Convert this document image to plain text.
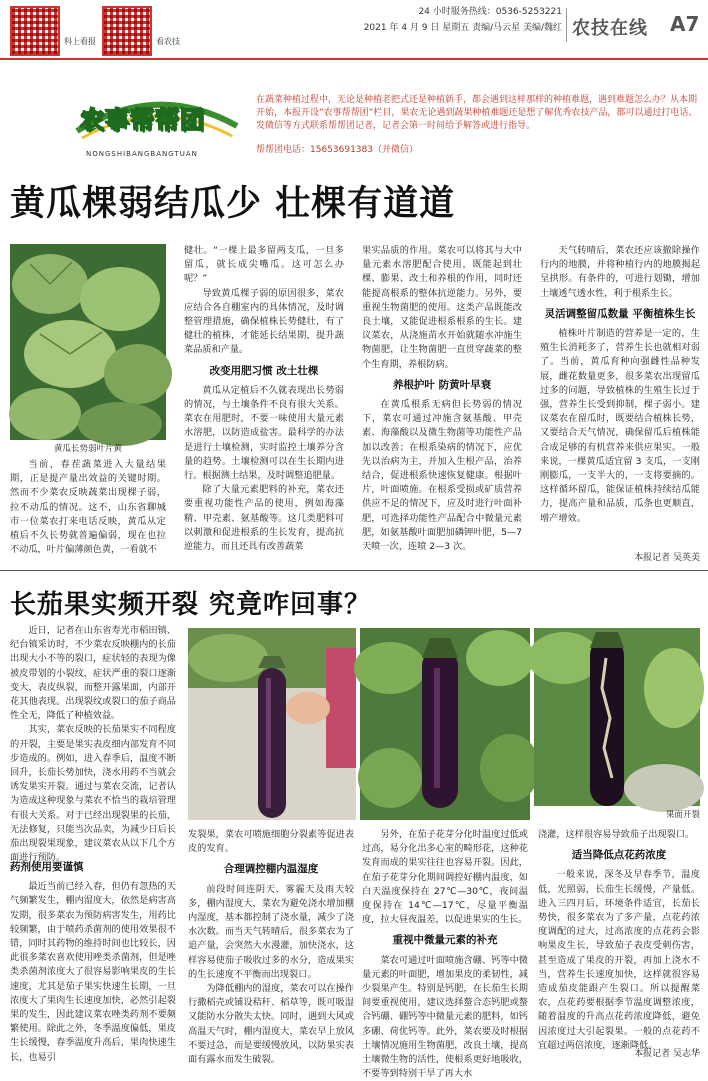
科上看报	看农技
24 小时服务热线：0536-5253221
2021 年 4 月 9 日 星期五 责编/马云星 美编/魏红 农技在线 A7
农事帮帮团
NONGSHIBANGBANGTUAN
在蔬菜种植过程中，无论是种植老把式还是种植新手，都会遇到这样那样的种植难题，遇到难题怎么办？从本期开始，本报开设“农事帮帮团”栏目，果农无论遇到蔬果种植难题还是想了解优秀农技产品，都可以通过打电话、发微信等方式联系帮帮团记者，记者会第一时间给予解答或进行指导。
帮帮团电话：15653691383（并微信）
黄瓜棵弱结瓜少 壮棵有道道
黄瓜长势弱叶片黄

当前，春茬蔬菜进入大量结果期，正是提产量出效益的关键时期。然而不少菜农反映蔬菜出现棵子弱，拉不动瓜的情况。这不，山东省聊城市一位菜农打来电话反映，黄瓜从定植后不久长势就普遍偏弱，现在也拉不动瓜，叶片偏薄颜色黄，一看就不

健壮。“一棵上最多留两支瓜，一旦多留瓜，就长成尖嘴瓜。这可怎么办呢？”

导致黄瓜棵子弱的原因很多，菜农应结合各自棚室内的具体情况，及时调整管理措施，确保植株长势健壮，有了健壮的植株，才能延长结果期，提升蔬菜品质和产量。

改变用肥习惯 改土壮棵

黄瓜从定植后不久就表现出长势弱的情况，与土壤条件不良有很大关系。菜农在用肥时，不要一味使用大量元素水溶肥，以防造成盐害。最科学的办法是进行土壤检测，实时监控土壤养分含量的趋势。土壤检测可以在生长期内进行。根据测土结果，及时调整追肥量。

除了大量元素肥料的补充，菜农还要重视功能性产品的使用，例如海藻精、甲壳素、氨基酸等。这几类肥料可以刺激和促进根系的生长发育，提高抗逆能力，而且还具有改善蔬菜

果实品质的作用。菜农可以将其与大中量元素水溶肥配合使用，既能起到壮棵、膨果、改土和养根的作用，同时还能提高根系的整体抗逆能力。另外，要重视生物菌肥的使用。这类产品既能改良土壤，又能促进根系根系的生长。建议菜农，从浇施苗水开始就随水冲施生物菌肥，让生物菌肥一直贯穿蔬菜的整个生育期，养根防病。

养根护叶 防黄叶早衰

在黄瓜根系无病但长势弱的情况下，菜农可通过冲施含氨基酸、甲壳素、海藻酸以及微生物菌等功能性产品加以改善；在根系染病的情况下，应优先以治病为主，并加入生根产品，治养结合，促进根系快速恢复健康。根据叶片，叶面喷施。在根系受损或矿质营养供应不足的情况下，应及时进行叶面补肥，可选择功能性产品配合中微量元素肥，如氨基酸叶面肥加磷钾叶肥，5—7 天喷一次，连喷 2—3 次。

天气转晴后，菜农还应该撤除操作行内的地膜，并将种植行内的地膜揭起呈拱形。有条件的，可进行划锄，增加土壤透气透水性，利于根系生长。

灵活调整留瓜数量 平衡植株生长

植株叶片制造的营养是一定的，生殖生长消耗多了，营养生长也就相对弱了。当前，黄瓜育种向强雌性品种发展，雌花数量更多，很多菜农出现留瓜过多的问题，导致植株的生殖生长过于强，营养生长受到抑制，棵子弱小。建议菜农在留瓜时，既要结合植株长势，又要结合天气情况，确保留瓜后植株能合成足够的有机营养来供应果实。一般来说，一棵黄瓜适宜留 3 支瓜，一支刚刚膨瓜，一支半大的，一支将要摘的。这样循环留瓜，能保证植株持续结瓜能力，提高产量和品质，瓜条也更顺直，增产增效。

本报记者 吴英美
长茄果实频开裂 究竟咋回事？

近日，记者在山东省寿光市稻田镇、纪台镇采访时，不少菜农反映棚内的长茄出现大小不等的裂口，症状轻的表现为像被皮带划的小裂纹，症状严重的裂口逐渐变大，表皮纵裂，而整开露果面，内部开花其他表现。出现裂纹或裂口的茄子商品性全无，降低了种植效益。

其实，菜农反映的长茄果实不同程度的开裂，主要是果实表皮细内部发育不同步造成的。例如，进入春季后，温度不断回升，长茄长势加快，浇水用药不当就会诱发果实开裂。通过与菜农交流，记者认为造成这种现象与菜农不恰当的栽培管理有很大关系。对于已经出现裂果的长茄，无法修复，只能当次品卖，为减少日后长茄出现裂果现象，建议菜农从以下几个方面进行预防。

果面开裂
药剂使用要谨慎

最近当前已经入春，但仍有忽热的天气频繁发生，棚内湿度大，依然是病害高发期，很多菜农为预防病害发生，用药比较频繁，由于喷药杀菌剂的使用效果很不错，同时其药物的维持时间也比较长，因此很多菜农喜欢使用唑类杀菌剂，但是唑类杀菌剂浓度大了很容易影响果皮的生长速度，尤其是茄子果实快速生长期，一旦浓度大了果肉生长速度加快，必然引起裂果的发生，因此建议菜农唑类药剂不要频繁使用。除此之外，冬季温度偏低，果皮生长缓慢，春季温度升高后，果肉快速生长，也易引

发裂果，菜农可喷施细胞分裂素等促进表皮的发育。

合理调控棚内温湿度

前段时间连阴天、雾霾天及雨天较多，棚内湿度大，菜农为避免浇水增加棚内湿度，基本都控制了浇水量，减少了浇水次数。而当天气转晴后，很多菜农为了追产量，会突然大水漫灌，加快浇水，这样容易使茄子吸收过多的水分，造成果实的生长速度不平衡而出现裂口。

为降低棚内的湿度，菜农可以在操作行撒稻壳或铺设秸秆、稻草等，既可吸湿又能防水分散失太快。同时，遇到大风或高温天气时，棚内湿度大，菜农早上放风不要过急，而是要缓慢放风，以防果实表面有露水而发生破裂。

另外，在茄子花芽分化时温度过低或过高，易分化出多心室的畸形花，这种花发育而成的果实往往也容易开裂。因此，在茄子花芽分化期间调控好棚内温度，如白天温度保持在 27℃—30℃，夜间温度保持在 14℃—17℃，尽量平衡温度，拉大昼夜温差，以促进果实的生长。

重视中微量元素的补充

菜农可通过叶面喷施含硼、钙等中微量元素的叶面肥，增加果皮的柔韧性，减少裂果产生。特别是钙肥，在长茄生长期间要重视使用，建议选择螯合态钙肥或螯合钙硼、硼钙等中微量元素的肥料，如钙多硼、荷优钙等。此外，菜农要及时根据土壤情况施用生物菌肥，改良土壤，提高土壤微生物的活性，使根系更好地吸收，不要等到特别干旱了再大水

浇灌，这样很容易导致茄子出现裂口。

适当降低点花药浓度

一般来说，深冬及早春季节，温度低，光照弱，长茄生长缓慢，产量低。进入三四月后，环境条件适宜，长茄长势快，很多菜农为了多产量，点花药浓度调配的过大，过高浓度的点花药会影响果皮生长，导致茄子表皮受刺伤害，甚至造成了果皮的开裂，再加上浇水不当，营养生长速度加快，这样就很容易造成茄皮能跟产生裂口。所以提醒菜农，点花药要根据季节温度调整浓度，随着温度的升高点花药浓度降低，避免因浓度过大引起裂果。一般的点花药不宜超过两倍浓度，逐渐降低。

本报记者 吴志华
